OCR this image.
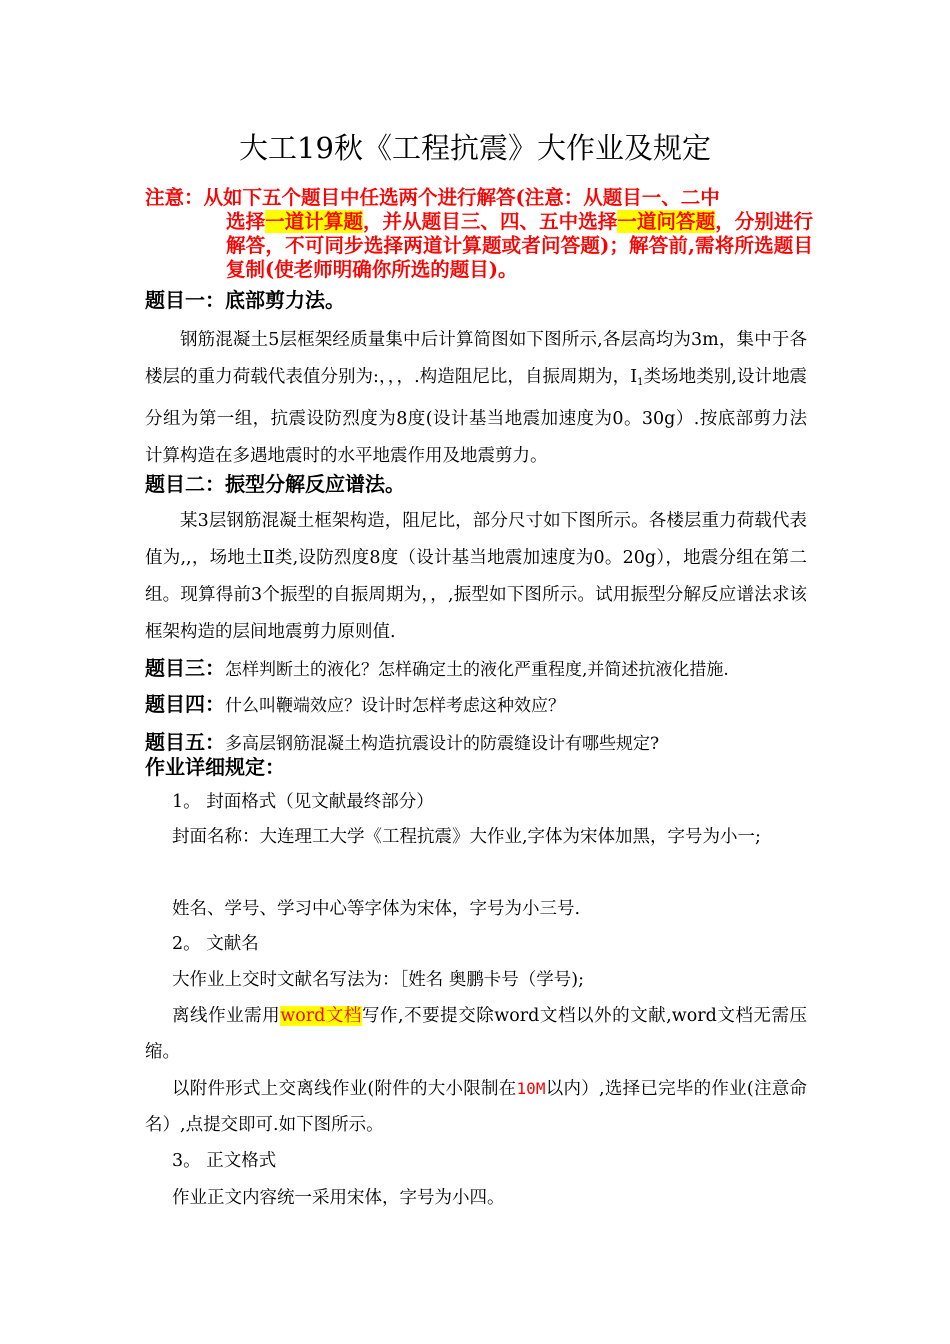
大工19秋《工程抗震》大作业及规定
注意：从如下五个题目中任选两个进行解答(注意：从题目一、二中
选择一道计算题，并从题目三、四、五中选择一道问答题，分别进行解答，不可同步选择两道计算题或者问答题)；解答前,需将所选题目复制(使老师明确你所选的题目)。
题目一：底部剪力法。
钢筋混凝土5层框架经质量集中后计算简图如下图所示,各层高均为3m，集中于各楼层的重力荷载代表值分别为:，，，.构造阻尼比，自振周期为，$Ⅰ_1$类场地类别,设计地震分组为第一组，抗震设防烈度为8度(设计基当地震加速度为0。30g）.按底部剪力法计算构造在多遇地震时的水平地震作用及地震剪力。
题目二：振型分解反应谱法。
某3层钢筋混凝土框架构造，阻尼比，部分尺寸如下图所示。各楼层重力荷载代表值为,,，场地土Ⅱ类,设防烈度8度（设计基当地震加速度为0。20g），地震分组在第二组。现算得前3个振型的自振周期为，，,振型如下图所示。试用振型分解反应谱法求该框架构造的层间地震剪力原则值.
题目三：怎样判断土的液化？怎样确定土的液化严重程度,并简述抗液化措施.
题目四：什么叫鞭端效应？设计时怎样考虑这种效应？
题目五：多高层钢筋混凝土构造抗震设计的防震缝设计有哪些规定?
作业详细规定：
1。 封面格式（见文献最终部分）
封面名称：大连理工大学《工程抗震》大作业,字体为宋体加黑，字号为小一;
姓名、学号、学习中心等字体为宋体，字号为小三号.
2。 文献名
大作业上交时文献名写法为：［姓名 奥鹏卡号（学号);
离线作业需用word文档写作,不要提交除word文档以外的文献,word文档无需压缩。
以附件形式上交离线作业(附件的大小限制在10M以内）,选择已完毕的作业(注意命名）,点提交即可.如下图所示。
3。 正文格式
作业正文内容统一采用宋体，字号为小四。
